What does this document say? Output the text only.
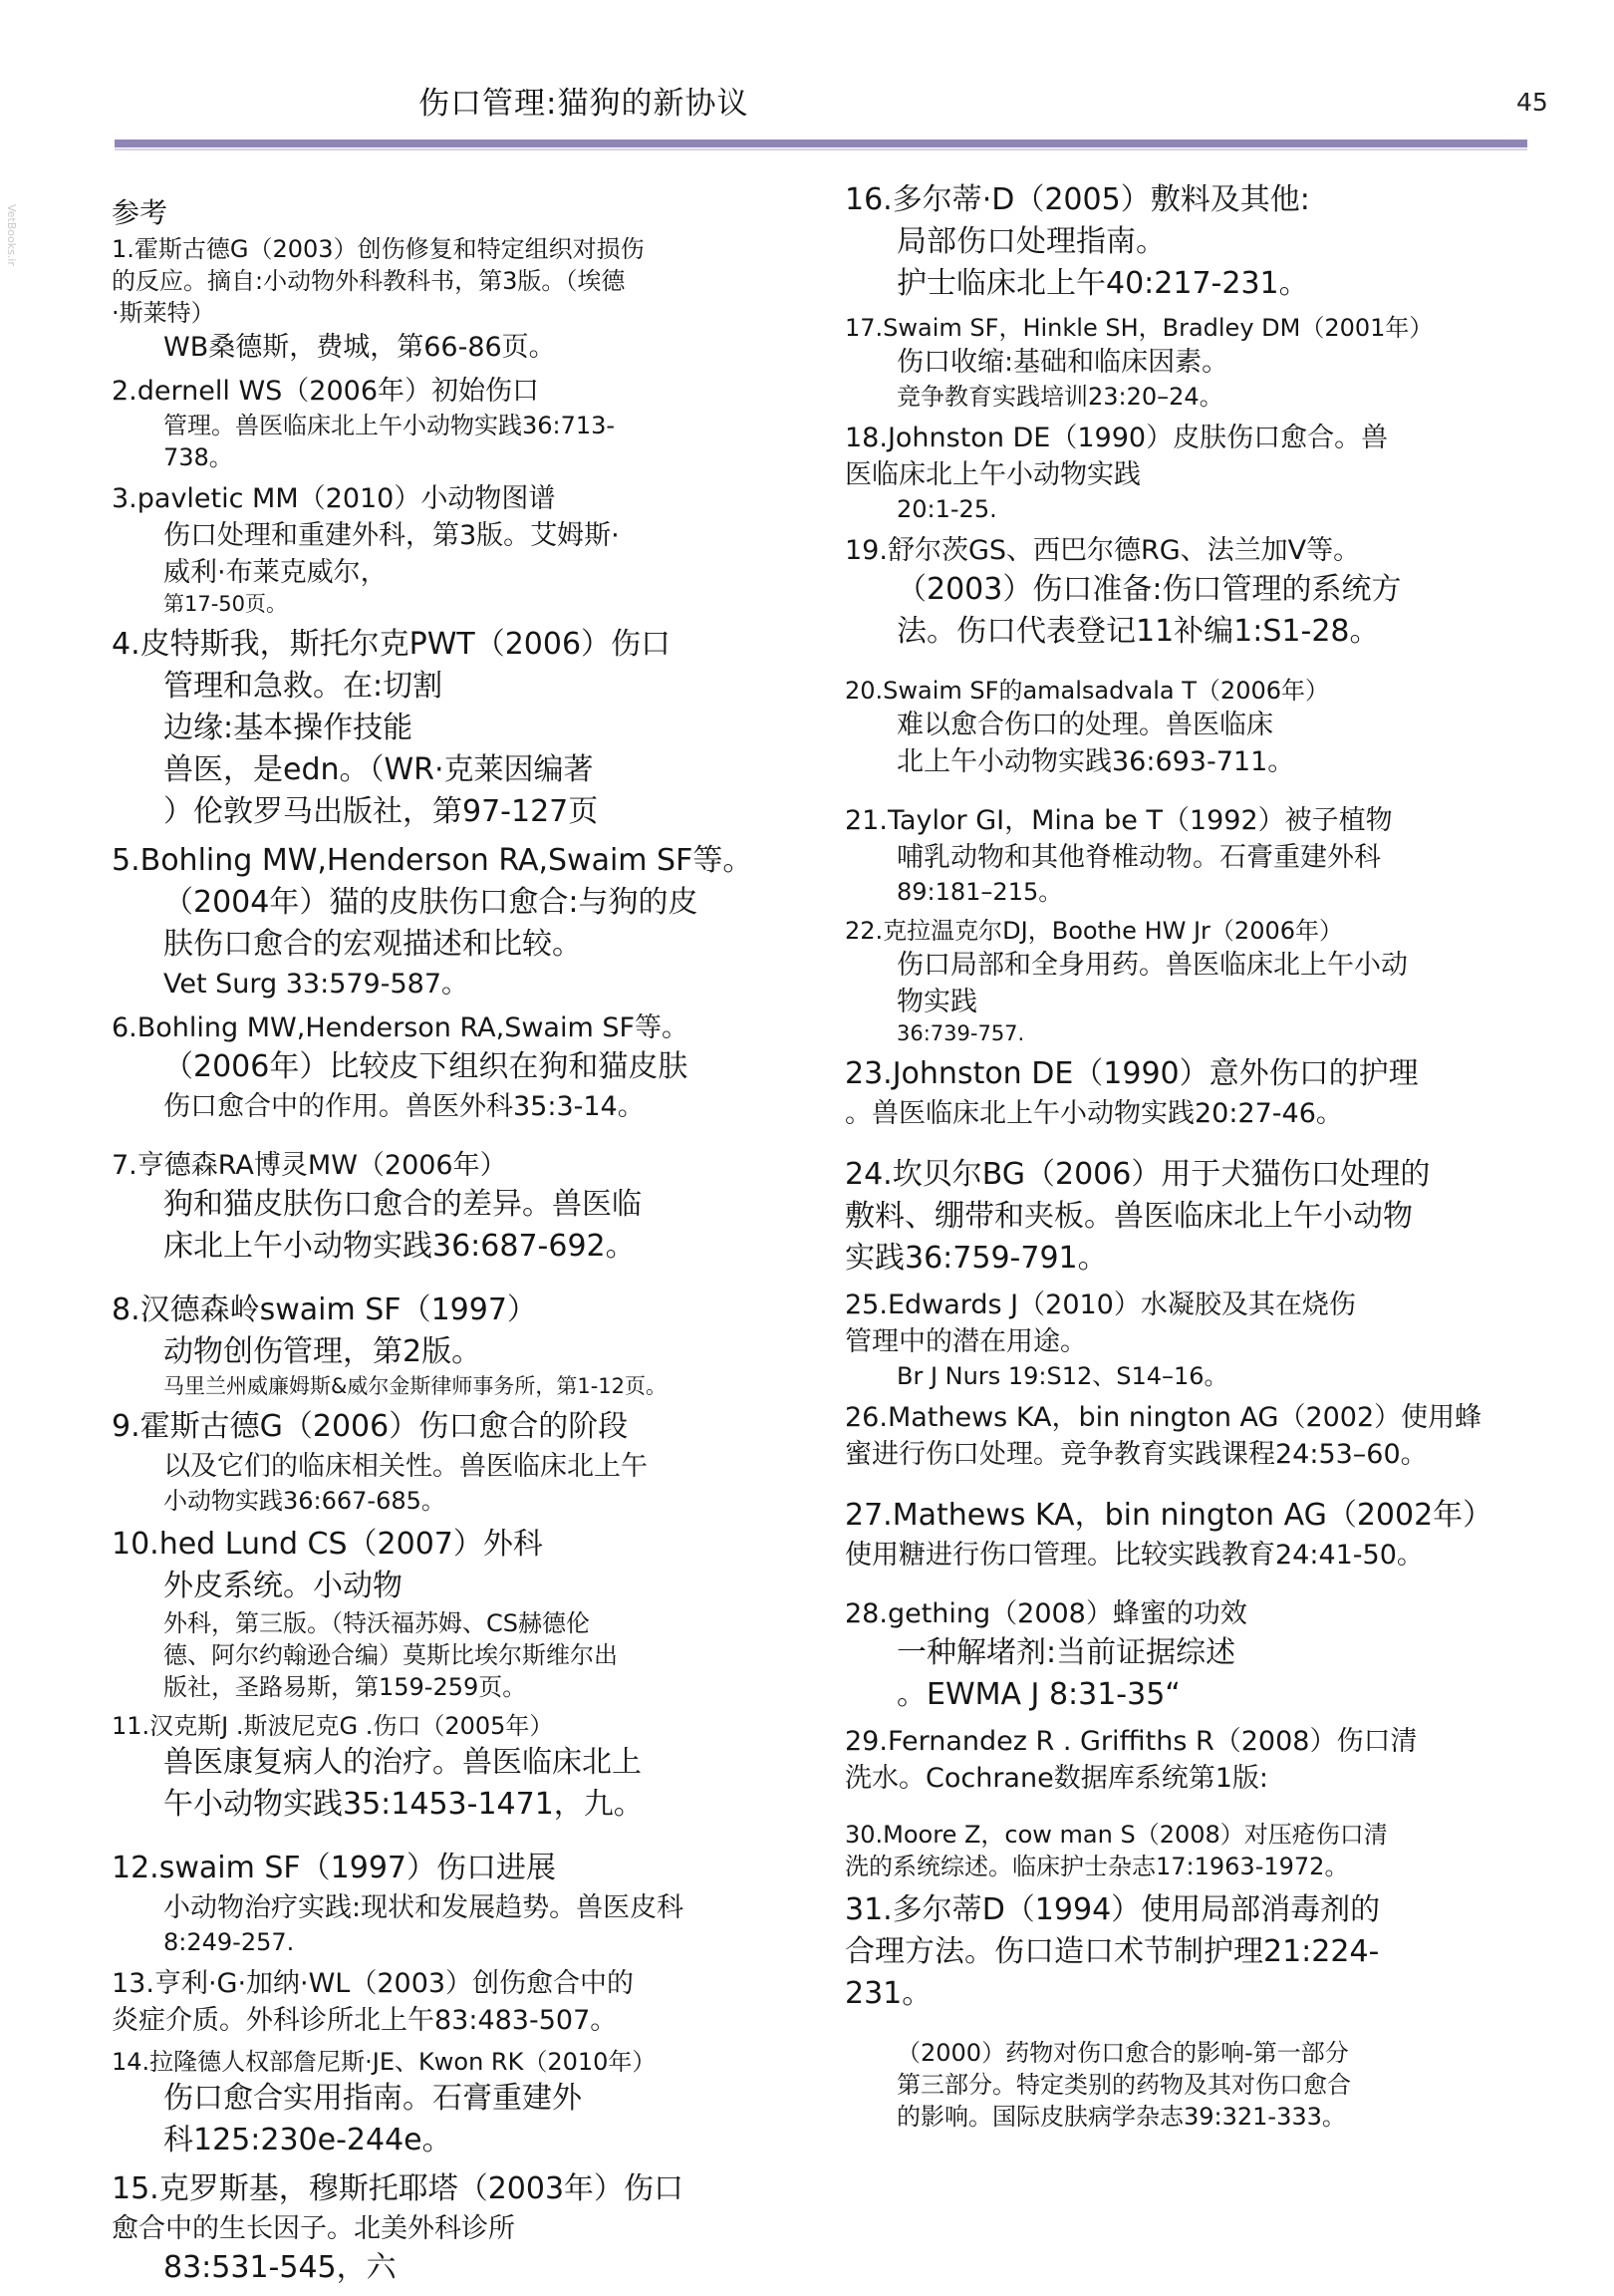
伤口管理:猫狗的新协议	45
VetBooks.ir	参考
1.霍斯古德G（2003）创伤修复和特定组织对损伤
的反应。摘自:小动物外科教科书，第3版。（埃德
·斯莱特）
WB桑德斯，费城，第66-86页。
2.dernell WS（2006年）初始伤口
管理。兽医临床北上午小动物实践36:713-
738。
3.pavletic MM（2010）小动物图谱
伤口处理和重建外科，第3版。艾姆斯·
威利·布莱克威尔，
第17-50页。
4.皮特斯我，斯托尔克PWT（2006）伤口
管理和急救。在:切割
边缘:基本操作技能
兽医，是edn。（WR·克莱因编著
）伦敦罗马出版社，第97-127页
5.Bohling MW,Henderson RA,Swaim SF等。
（2004年）猫的皮肤伤口愈合:与狗的皮
肤伤口愈合的宏观描述和比较。
Vet Surg 33:579-587。
6.Bohling MW,Henderson RA,Swaim SF等。
（2006年）比较皮下组织在狗和猫皮肤
伤口愈合中的作用。兽医外科35:3-14。
7.亨德森RA博灵MW（2006年）
狗和猫皮肤伤口愈合的差异。兽医临
床北上午小动物实践36:687-692。
8.汉德森岭swaim SF（1997）
动物创伤管理，第2版。
马里兰州威廉姆斯&威尔金斯律师事务所，第1-12页。
9.霍斯古德G（2006）伤口愈合的阶段
以及它们的临床相关性。兽医临床北上午
小动物实践36:667-685。
10.hed Lund CS（2007）外科
外皮系统。小动物
外科，第三版。（特沃福苏姆、CS赫德伦
德、阿尔约翰逊合编）莫斯比埃尔斯维尔出
版社，圣路易斯，第159-259页。
11.汉克斯J .斯波尼克G .伤口（2005年）
兽医康复病人的治疗。兽医临床北上
午小动物实践35:1453-1471，九。
12.swaim SF（1997）伤口进展
小动物治疗实践:现状和发展趋势。兽医皮科
8:249-257.
13.亨利·G·加纳·WL（2003）创伤愈合中的
炎症介质。外科诊所北上午83:483-507。
14.拉隆德人权部詹尼斯·JE、Kwon RK（2010年）
伤口愈合实用指南。石膏重建外
科125:230e-244e。
15.克罗斯基，穆斯托耶塔（2003年）伤口
愈合中的生长因子。北美外科诊所
83:531-545，六
16.多尔蒂·D（2005）敷料及其他:
局部伤口处理指南。
护士临床北上午40:217-231。
17.Swaim SF，Hinkle SH，Bradley DM（2001年）
伤口收缩:基础和临床因素。
竞争教育实践培训23:20–24。
18.Johnston DE（1990）皮肤伤口愈合。兽
医临床北上午小动物实践
20:1-25.
19.舒尔茨GS、西巴尔德RG、法兰加V等。
（2003）伤口准备:伤口管理的系统方
法。伤口代表登记11补编1:S1-28。
20.Swaim SF的amalsadvala T（2006年）
难以愈合伤口的处理。兽医临床
北上午小动物实践36:693-711。
21.Taylor GI，Mina be T（1992）被子植物
哺乳动物和其他脊椎动物。石膏重建外科
89:181–215。
22.克拉温克尔DJ，Boothe HW Jr（2006年）
伤口局部和全身用药。兽医临床北上午小动
物实践
36:739-757.
23.Johnston DE（1990）意外伤口的护理
。兽医临床北上午小动物实践20:27-46。
24.坎贝尔BG（2006）用于犬猫伤口处理的
敷料、绷带和夹板。兽医临床北上午小动物
实践36:759-791。
25.Edwards J（2010）水凝胶及其在烧伤
管理中的潜在用途。
Br J Nurs 19:S12、S14–16。
26.Mathews KA，bin nington AG（2002）使用蜂
蜜进行伤口处理。竞争教育实践课程24:53–60。
27.Mathews KA，bin nington AG（2002年）
使用糖进行伤口管理。比较实践教育24:41-50。
28.gething（2008）蜂蜜的功效
一种解堵剂:当前证据综述
。EWMA J 8:31-35“
29.Fernandez R . Griffiths R（2008）伤口清
洗水。Cochrane数据库系统第1版:
30.Moore Z，cow man S（2008）对压疮伤口清
洗的系统综述。临床护士杂志17:1963-1972。
31.多尔蒂D（1994）使用局部消毒剂的
合理方法。伤口造口术节制护理21:224-
231。
（2000）药物对伤口愈合的影响-第一部分
第三部分。特定类别的药物及其对伤口愈合
的影响。国际皮肤病学杂志39:321-333。
